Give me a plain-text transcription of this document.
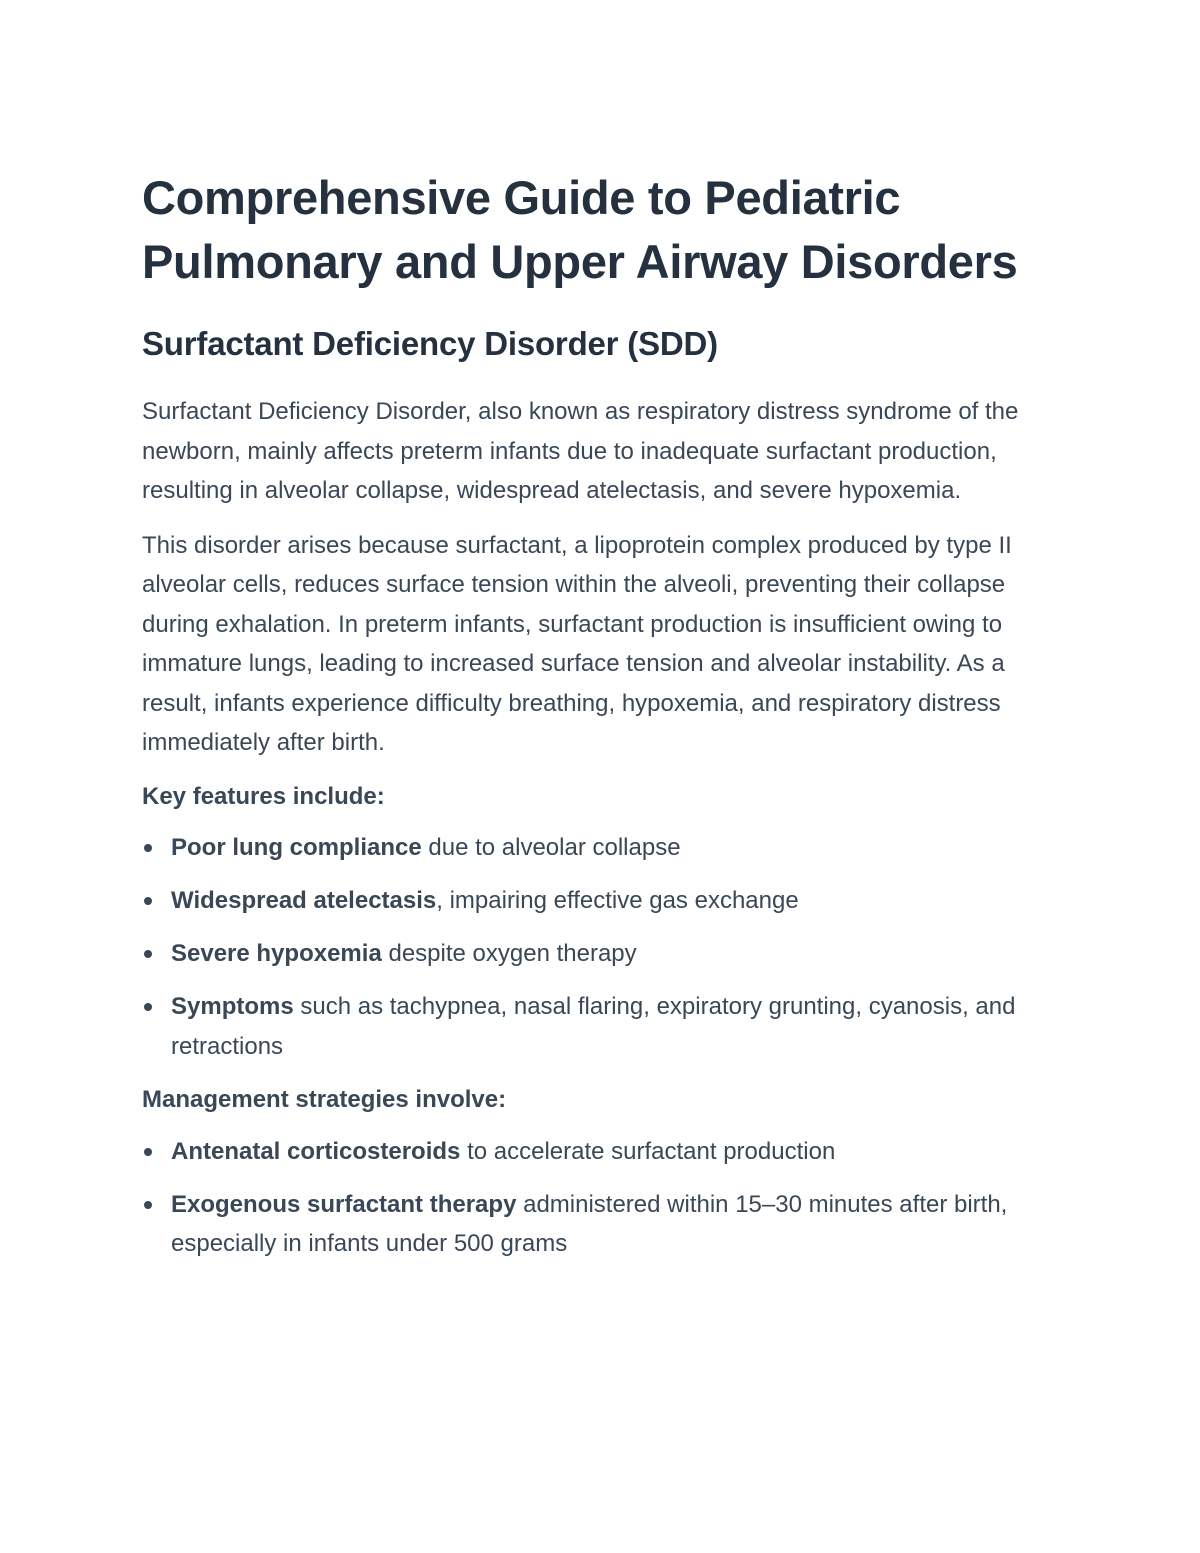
Comprehensive Guide to Pediatric Pulmonary and Upper Airway Disorders
Surfactant Deficiency Disorder (SDD)

Surfactant Deficiency Disorder, also known as respiratory distress syndrome of the newborn, mainly affects preterm infants due to inadequate surfactant production, resulting in alveolar collapse, widespread atelectasis, and severe hypoxemia.

This disorder arises because surfactant, a lipoprotein complex produced by type II alveolar cells, reduces surface tension within the alveoli, preventing their collapse during exhalation. In preterm infants, surfactant production is insufficient owing to immature lungs, leading to increased surface tension and alveolar instability. As a result, infants experience difficulty breathing, hypoxemia, and respiratory distress immediately after birth.

Key features include:

Poor lung compliance due to alveolar collapse
Widespread atelectasis, impairing effective gas exchange
Severe hypoxemia despite oxygen therapy
Symptoms such as tachypnea, nasal flaring, expiratory grunting, cyanosis, and retractions

Management strategies involve:

Antenatal corticosteroids to accelerate surfactant production
Exogenous surfactant therapy administered within 15–30 minutes after birth, especially in infants under 500 grams
